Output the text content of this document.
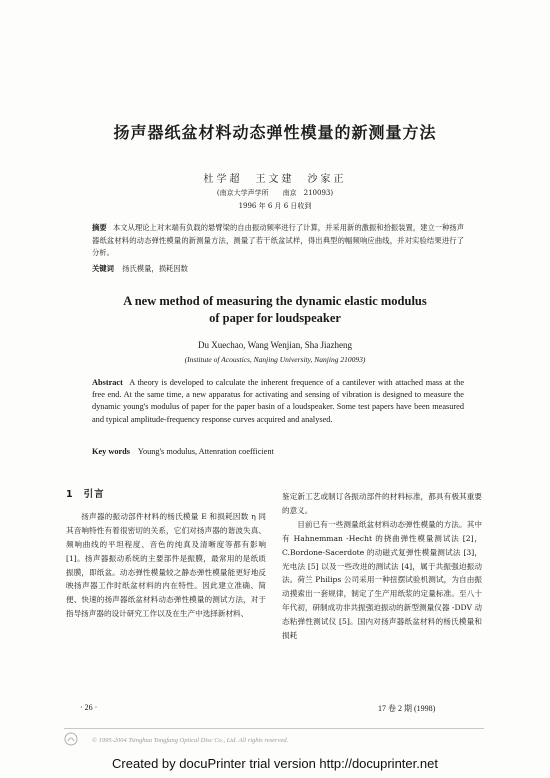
扬声器纸盆材料动态弹性模量的新测量方法
杜学超　王文建　沙家正
(南京大学声学所　　南京　210093)
1996 年 6 月 6 日收到
摘要 本文从理论上对末端有负载的悬臂梁的自由振动频率进行了计算，并采用新的激振和拾振装置，建立一种扬声器纸盆材料的动态弹性模量的新测量方法，测量了若干纸盆试样，得出典型的幅频响应曲线，并对实验结果进行了分析。
关键词 扬氏模量，损耗因数
A new method of measuring the dynamic elastic modulus
of paper for loudspeaker
Du Xuechao, Wang Wenjian, Sha Jiazheng
(Institute of Acoustics, Nanjing University, Nanjing 210093)
Abstract A theory is developed to calculate the inherent frequence of a cantilever with attached mass at the free end. At the same time, a new apparatus for activating and sensing of vibration is designed to measure the dynamic young's modulus of paper for the paper basin of a loudspeaker. Some test papers have been measured and typical amplitude-frequency response curves acquired and analysed.
Key words Young's modulus, Attenration coefficient
1 引言

扬声器的振动部件材料的杨氏模量 E 和损耗因数 η 同其音响特性有着很密切的关系，它们对扬声器的谐波失真、频响曲线的平坦程度、音色的纯真及清晰度等都有影响 [1]。扬声器振动系统的主要部件是振膜，最常用的是纸质振膜，即纸盆。动态弹性模量较之静态弹性模量能更好地反映扬声器工作时纸盆材料的内在特性。因此建立准确、简便、快速的扬声器纸盆材料动态弹性模量的测试方法，对于指导扬声器的设计研究工作以及在生产中选择新材料、

鉴定新工艺或制订各振动部件的材料标准，都具有极其重要的意义。

目前已有一些测量纸盆材料动态弹性模量的方法。其中有 Hahnemman -Hecht 的挠曲弹性模量测试法 [2]，C.Bordone-Sacerdote 的动磁式复弹性模量测试法 [3]，光电法 [5] 以及一些改进的测试法 [4]，属于共振强迫振动法。荷兰 Philips 公司采用一种扭摆试验机测试，为自由振动摸索出一套规律，制定了生产用纸浆的定量标准。至八十年代初，研制成功非共振强迫振动的新型测量仪器 -DDV 动态粘弹性测试仪 [5]。国内对扬声器纸盆材料的杨氏模量和损耗

· 26 ·	17 卷 2 期 (1998)
© 1995-2004 Tsinghua Tongfang Optical Disc Co., Ltd. All rights reserved.
Created by docuPrinter trial version http://docuprinter.net
